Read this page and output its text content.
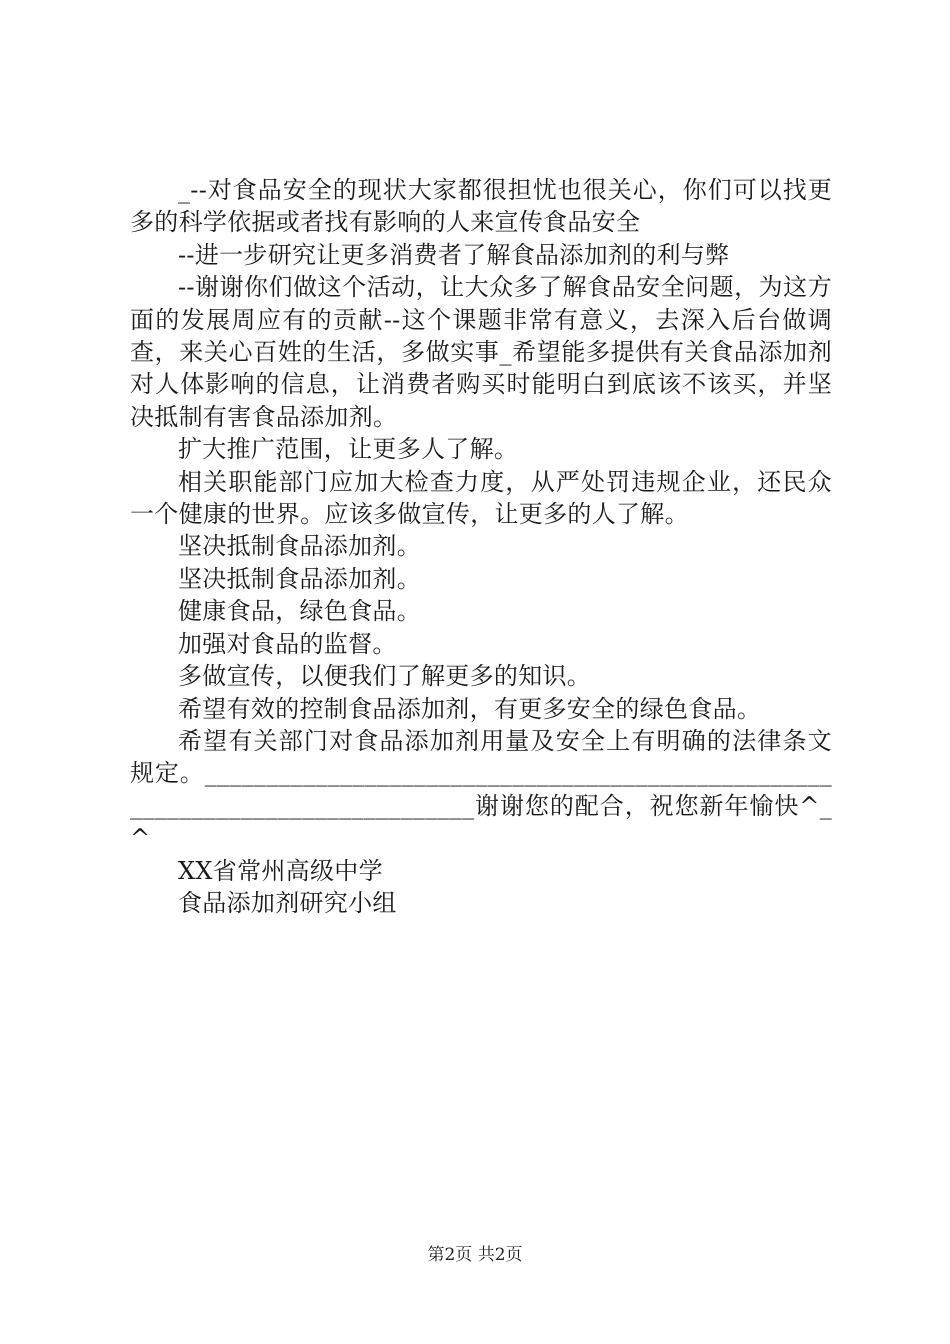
_--对食品安全的现状大家都很担忧也很关心，你们可以找更多的科学依据或者找有影响的人来宣传食品安全

--进一步研究让更多消费者了解食品添加剂的利与弊

--谢谢你们做这个活动，让大众多了解食品安全问题，为这方面的发展周应有的贡献--这个课题非常有意义，去深入后台做调查，来关心百姓的生活，多做实事_希望能多提供有关食品添加剂对人体影响的信息，让消费者购买时能明白到底该不该买，并坚决抵制有害食品添加剂。

扩大推广范围，让更多人了解。

相关职能部门应加大检查力度，从严处罚违规企业，还民众一个健康的世界。应该多做宣传，让更多的人了解。

坚决抵制食品添加剂。

坚决抵制食品添加剂。

健康食品，绿色食品。

加强对食品的监督。

多做宣传，以便我们了解更多的知识。

希望有效的控制食品添加剂，有更多安全的绿色食品。

希望有关部门对食品添加剂用量及安全上有明确的法律条文规定。_______________________________________________________________________________谢谢您的配合，祝您新年愉快^_^

XX省常州高级中学

食品添加剂研究小组

第2页 共2页
